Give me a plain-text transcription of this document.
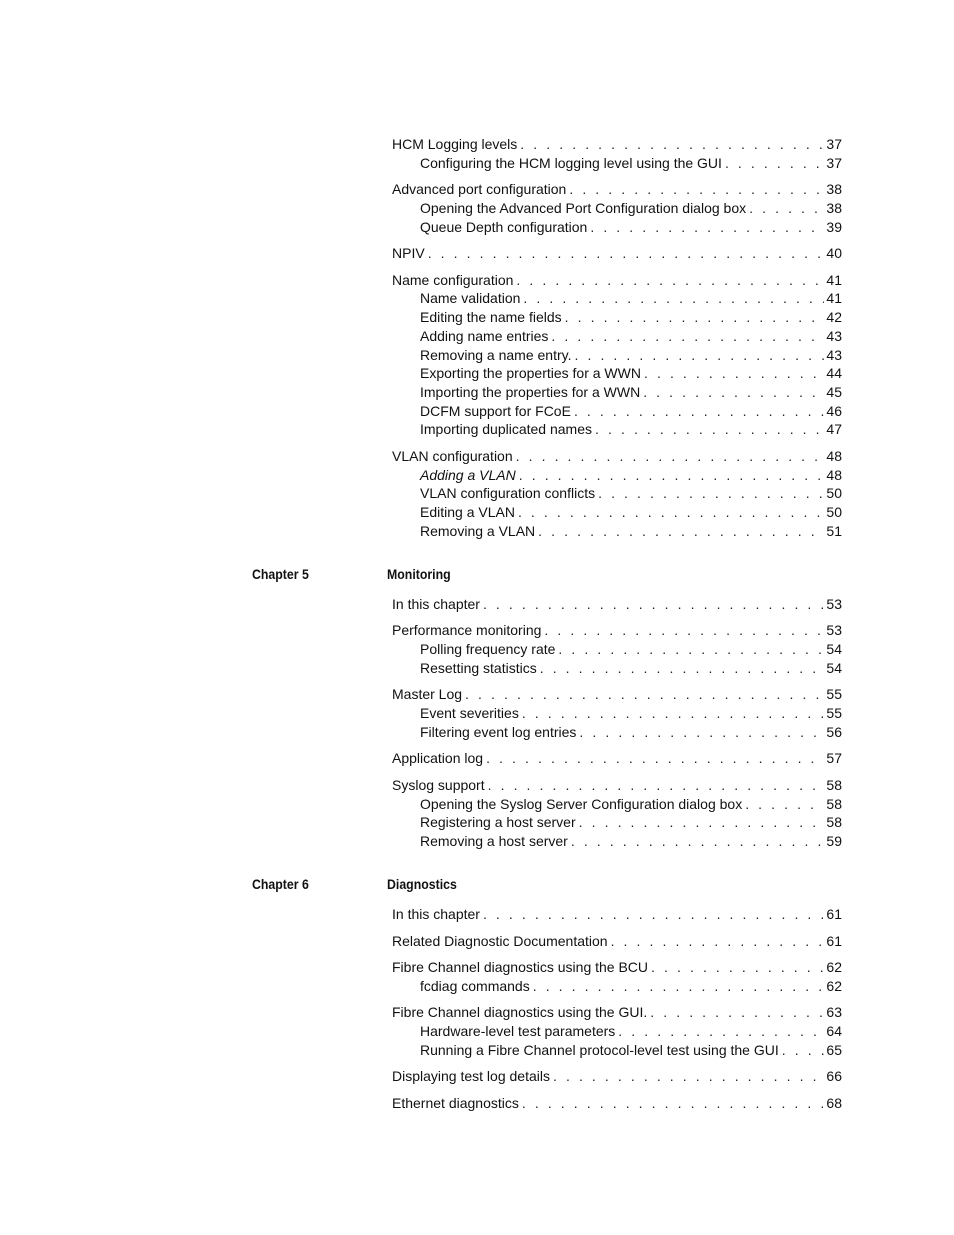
HCM Logging levels . . .	37
Configuring the HCM logging level using the GUI . . .	37
Advanced port configuration . . .	38
Opening the Advanced Port Configuration dialog box . . .	38
Queue Depth configuration . . .	39
NPIV . . .	40
Name configuration . . .	41
Name validation . . .	41
Editing the name fields . . .	42
Adding name entries . . .	43
Removing a name entry. . . .	43
Exporting the properties for a WWN . . .	44
Importing the properties for a WWN . . .	45
DCFM support for FCoE . . .	46
Importing duplicated names . . .	47
VLAN configuration . . .	48
Adding a VLAN . . .	48
VLAN configuration conflicts . . .	50
Editing a VLAN . . .	50
Removing a VLAN . . .	51
In this chapter . . .	53
Performance monitoring . . .	53
Polling frequency rate . . .	54
Resetting statistics . . .	54
Master Log . . .	55
Event severities . . .	55
Filtering event log entries . . .	56
Application log . . .	57
Syslog support . . .	58
Opening the Syslog Server Configuration dialog box . . .	58
Registering a host server . . .	58
Removing a host server . . .	59
In this chapter . . .	61
Related Diagnostic Documentation . . .	61
Fibre Channel diagnostics using the BCU . . .	62
fcdiag commands . . .	62
Fibre Channel diagnostics using the GUI. . . .	63
Hardware-level test parameters . . .	64
Running a Fibre Channel protocol-level test using the GUI . . .	65
Displaying test log details . . .	66
Ethernet diagnostics . . .	68
Chapter 5	Monitoring
Chapter 6	Diagnostics
